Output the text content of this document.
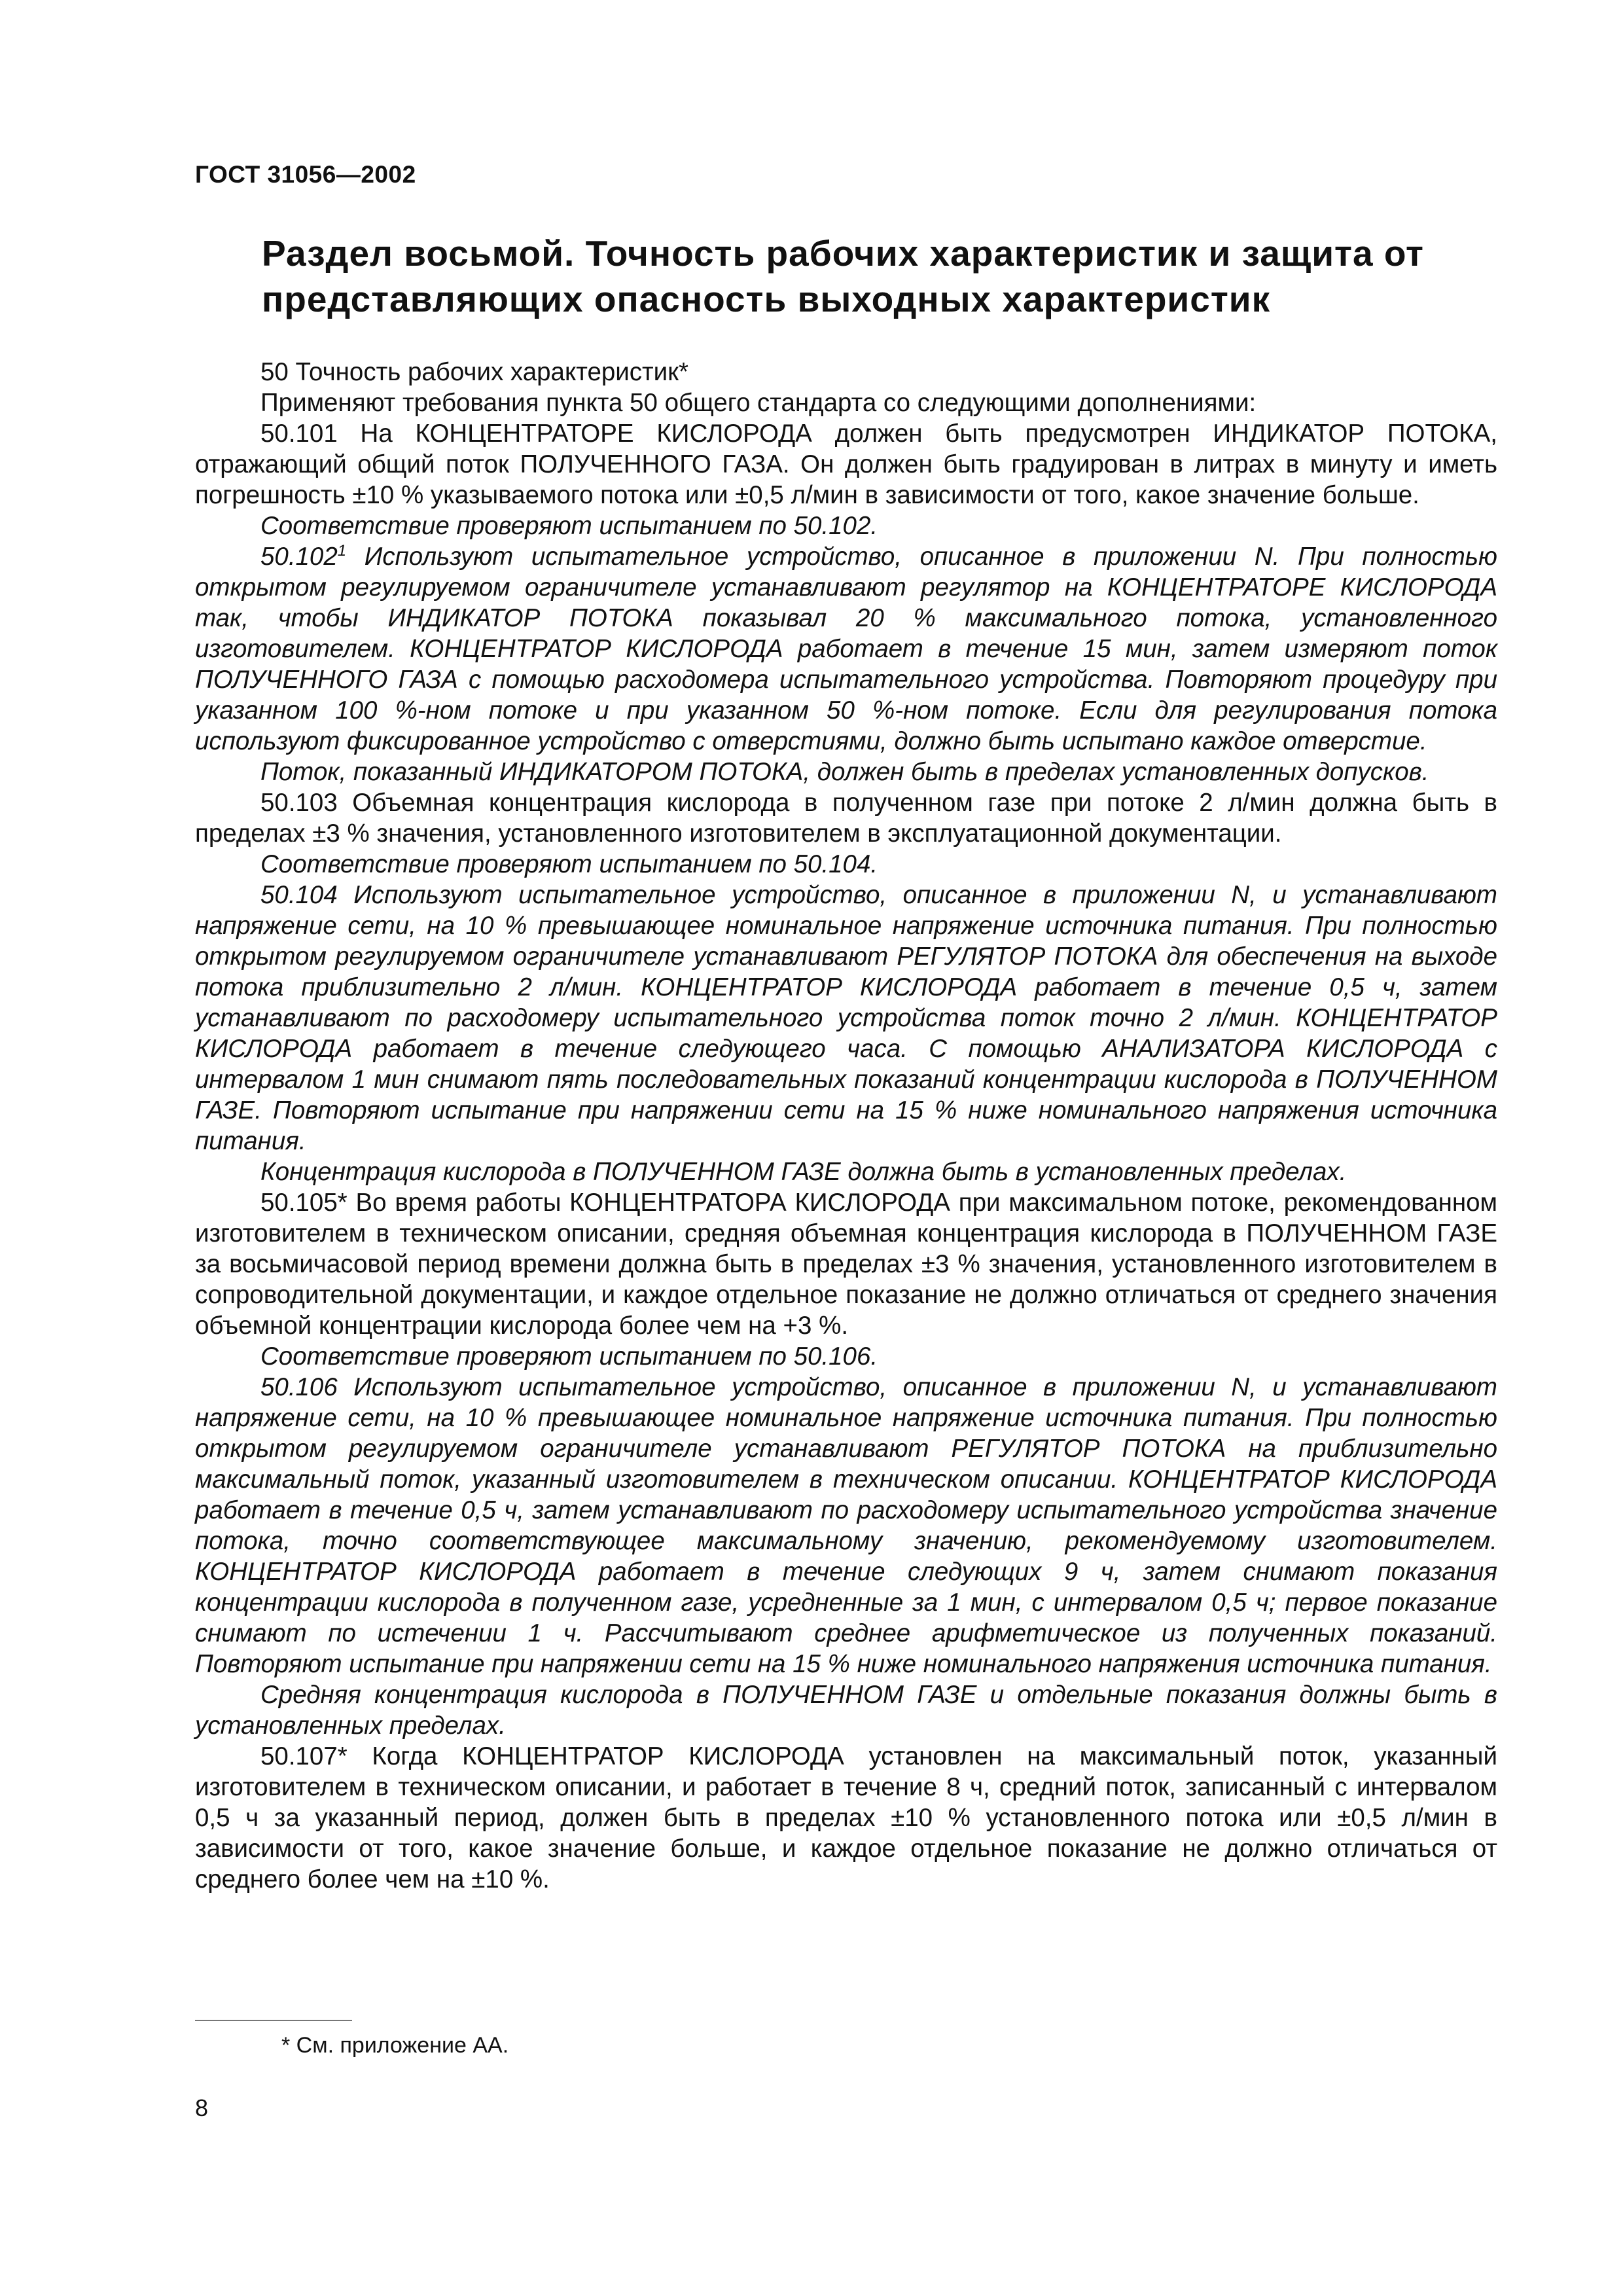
ГОСТ 31056—2002
Раздел восьмой. Точность рабочих характеристик и защита от представляющих опасность выходных характеристик

50 Точность рабочих характеристик*

Применяют требования пункта 50 общего стандарта со следующими дополнениями:

50.101 На КОНЦЕНТРАТОРЕ КИСЛОРОДА должен быть предусмотрен ИНДИКАТОР ПОТОКА, отражающий общий поток ПОЛУЧЕННОГО ГАЗА. Он должен быть градуирован в литрах в минуту и иметь погрешность ±10 % указываемого потока или ±0,5 л/мин в зависимости от того, какое значение больше.

Соответствие проверяют испытанием по 50.102.

50.102$^1$ Используют испытательное устройство, описанное в приложении N. При полностью открытом регулируемом ограничителе устанавливают регулятор на КОНЦЕНТРАТОРЕ КИСЛОРОДА так, чтобы ИНДИКАТОР ПОТОКА показывал 20 % максимального потока, установленного изготовителем. КОНЦЕНТРАТОР КИСЛОРОДА работает в течение 15 мин, затем измеряют поток ПОЛУЧЕННОГО ГАЗА с помощью расходомера испытательного устройства. Повторяют процедуру при указанном 100 %-ном потоке и при указанном 50 %-ном потоке. Если для регулирования потока используют фиксированное устройство с отверстиями, должно быть испытано каждое отверстие.

Поток, показанный ИНДИКАТОРОМ ПОТОКА, должен быть в пределах установленных допусков.

50.103 Объемная концентрация кислорода в полученном газе при потоке 2 л/мин должна быть в пределах ±3 % значения, установленного изготовителем в эксплуатационной документации.

Соответствие проверяют испытанием по 50.104.

50.104 Используют испытательное устройство, описанное в приложении N, и устанавливают напряжение сети, на 10 % превышающее номинальное напряжение источника питания. При полностью открытом регулируемом ограничителе устанавливают РЕГУЛЯТОР ПОТОКА для обеспечения на выходе потока приблизительно 2 л/мин. КОНЦЕНТРАТОР КИСЛОРОДА работает в течение 0,5 ч, затем устанавливают по расходомеру испытательного устройства поток точно 2 л/мин. КОНЦЕНТРАТОР КИСЛОРОДА работает в течение следующего часа. С помощью АНАЛИЗАТОРА КИСЛОРОДА с интервалом 1 мин снимают пять последовательных показаний концентрации кислорода в ПОЛУЧЕННОМ ГАЗЕ. Повторяют испытание при напряжении сети на 15 % ниже номинального напряжения источника питания.

Концентрация кислорода в ПОЛУЧЕННОМ ГАЗЕ должна быть в установленных пределах.

50.105* Во время работы КОНЦЕНТРАТОРА КИСЛОРОДА при максимальном потоке, рекомендованном изготовителем в техническом описании, средняя объемная концентрация кислорода в ПОЛУЧЕННОМ ГАЗЕ за восьмичасовой период времени должна быть в пределах ±3 % значения, установленного изготовителем в сопроводительной документации, и каждое отдельное показание не должно отличаться от среднего значения объемной концентрации кислорода более чем на +3 %.

Соответствие проверяют испытанием по 50.106.

50.106 Используют испытательное устройство, описанное в приложении N, и устанавливают напряжение сети, на 10 % превышающее номинальное напряжение источника питания. При полностью открытом регулируемом ограничителе устанавливают РЕГУЛЯТОР ПОТОКА на приблизительно максимальный поток, указанный изготовителем в техническом описании. КОНЦЕНТРАТОР КИСЛОРОДА работает в течение 0,5 ч, затем устанавливают по расходомеру испытательного устройства значение потока, точно соответствующее максимальному значению, рекомендуемому изготовителем. КОНЦЕНТРАТОР КИСЛОРОДА работает в течение следующих 9 ч, затем снимают показания концентрации кислорода в полученном газе, усредненные за 1 мин, с интервалом 0,5 ч; первое показание снимают по истечении 1 ч. Рассчитывают среднее арифметическое из полученных показаний. Повторяют испытание при напряжении сети на 15 % ниже номинального напряжения источника питания.

Средняя концентрация кислорода в ПОЛУЧЕННОМ ГАЗЕ и отдельные показания должны быть в установленных пределах.

50.107* Когда КОНЦЕНТРАТОР КИСЛОРОДА установлен на максимальный поток, указанный изготовителем в техническом описании, и работает в течение 8 ч, средний поток, записанный с интервалом 0,5 ч за указанный период, должен быть в пределах ±10 % установленного потока или ±0,5 л/мин в зависимости от того, какое значение больше, и каждое отдельное показание не должно отличаться от среднего более чем на ±10 %.

* См. приложение АА.
8
